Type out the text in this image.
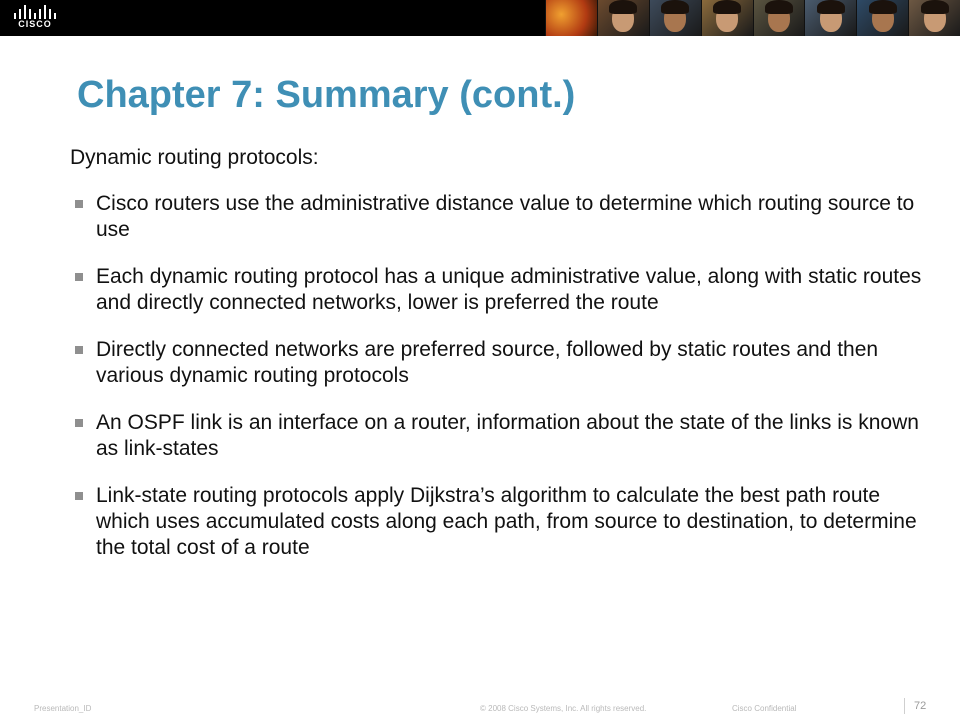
CISCO
Chapter 7: Summary (cont.)
Dynamic routing protocols:
Cisco routers use the administrative distance value to determine which routing source to use
Each dynamic routing protocol has a unique administrative value, along with static routes and directly connected networks, lower is preferred the route
Directly connected networks are preferred source, followed by static routes and then various dynamic routing protocols
An OSPF link is an interface on a router, information about the state of the links is known as link-states
Link-state routing protocols apply Dijkstra’s algorithm to calculate the best path route which uses accumulated costs along each path, from source to destination, to determine the total cost of a route
Presentation_ID	© 2008 Cisco Systems, Inc. All rights reserved.	Cisco Confidential	72
